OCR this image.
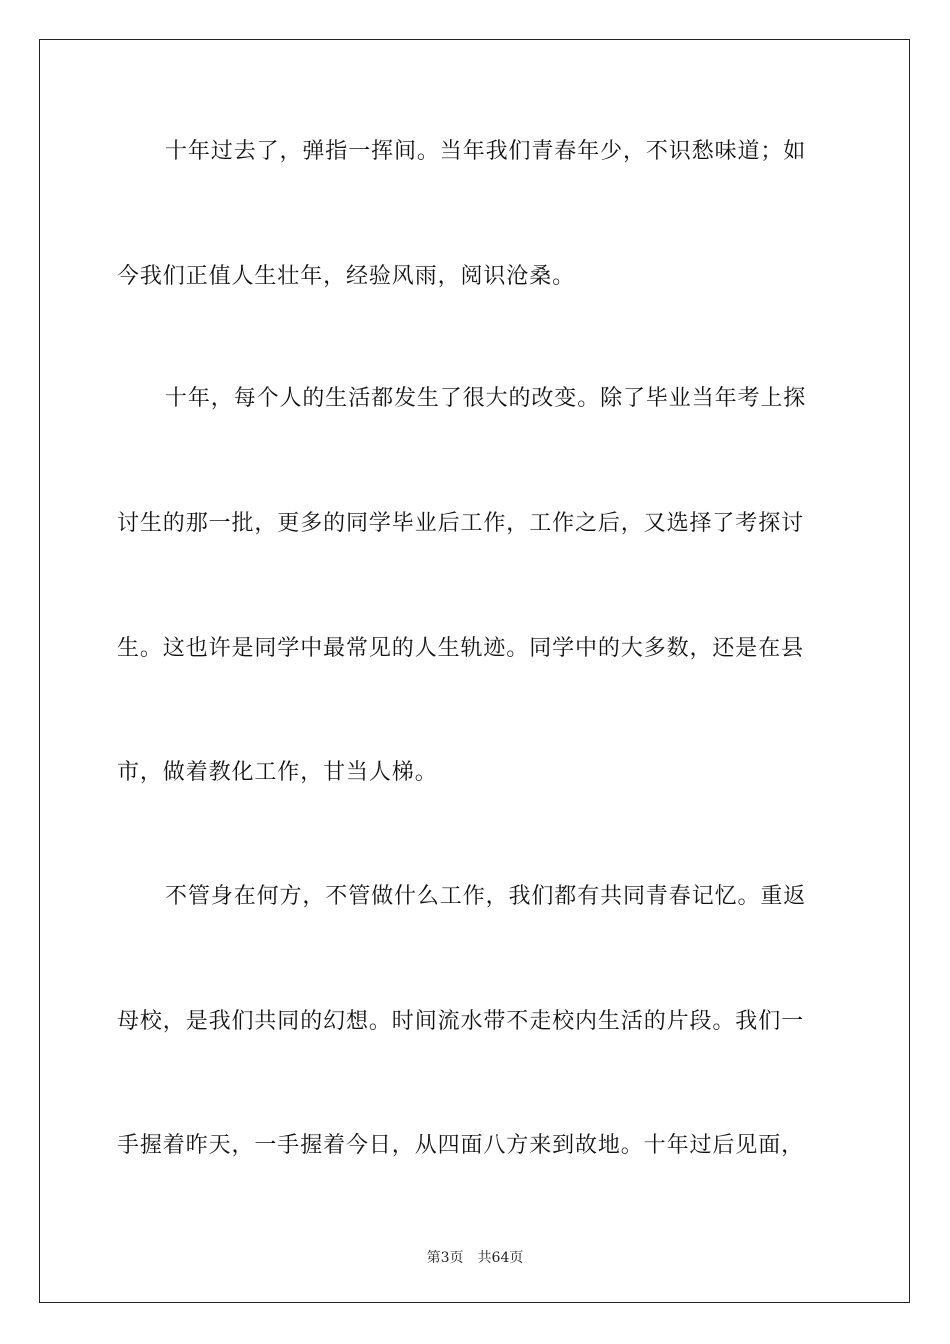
十年过去了，弹指一挥间。当年我们青春年少，不识愁味道；如
今我们正值人生壮年，经验风雨，阅识沧桑。
十年，每个人的生活都发生了很大的改变。除了毕业当年考上探
讨生的那一批，更多的同学毕业后工作，工作之后，又选择了考探讨
生。这也许是同学中最常见的人生轨迹。同学中的大多数，还是在县
市，做着教化工作，甘当人梯。
不管身在何方，不管做什么工作，我们都有共同青春记忆。重返
母校，是我们共同的幻想。时间流水带不走校内生活的片段。我们一
手握着昨天，一手握着今日，从四面八方来到故地。十年过后见面，
第3页 共64页
